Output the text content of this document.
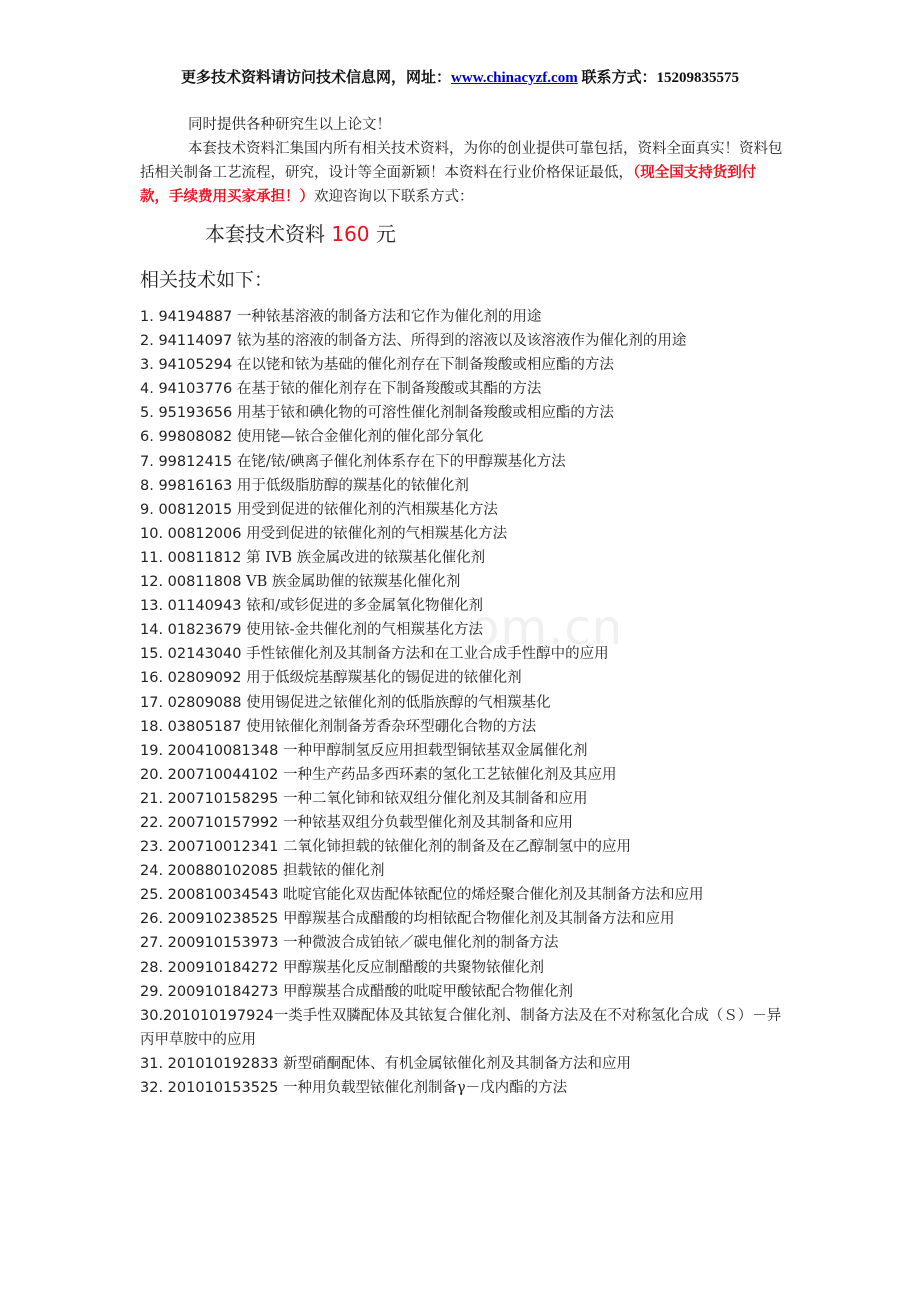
更多技术资料请访问技术信息网，网址：www.chinacyzf.com 联系方式：15209835575
om.cn

同时提供各种研究生以上论文！

本套技术资料汇集国内所有相关技术资料，为你的创业提供可靠包括，资料全面真实！资料包括相关制备工艺流程，研究，设计等全面新颖！本资料在行业价格保证最低，（现全国支持货到付款，手续费用买家承担！）欢迎咨询以下联系方式：

本套技术资料 160 元
相关技术如下：
1. 94194887 一种铱基溶液的制备方法和它作为催化剂的用途
2. 94114097 铱为基的溶液的制备方法、所得到的溶液以及该溶液作为催化剂的用途
3. 94105294 在以铑和铱为基础的催化剂存在下制备羧酸或相应酯的方法
4. 94103776 在基于铱的催化剂存在下制备羧酸或其酯的方法
5. 95193656 用基于铱和碘化物的可溶性催化剂制备羧酸或相应酯的方法
6. 99808082 使用铑—铱合金催化剂的催化部分氧化
7. 99812415 在铑/铱/碘离子催化剂体系存在下的甲醇羰基化方法
8. 99816163 用于低级脂肪醇的羰基化的铱催化剂
9. 00812015 用受到促进的铱催化剂的汽相羰基化方法
10. 00812006 用受到促进的铱催化剂的气相羰基化方法
11. 00811812 第 IVB 族金属改进的铱羰基化催化剂
12. 00811808 VB 族金属助催的铱羰基化催化剂
13. 01140943 铱和/或钐促进的多金属氧化物催化剂
14. 01823679 使用铱-金共催化剂的气相羰基化方法
15. 02143040 手性铱催化剂及其制备方法和在工业合成手性醇中的应用
16. 02809092 用于低级烷基醇羰基化的锡促进的铱催化剂
17. 02809088 使用锡促进之铱催化剂的低脂族醇的气相羰基化
18. 03805187 使用铱催化剂制备芳香杂环型硼化合物的方法
19. 200410081348 一种甲醇制氢反应用担载型铜铱基双金属催化剂
20. 200710044102 一种生产药品多西环素的氢化工艺铱催化剂及其应用
21. 200710158295 一种二氧化铈和铱双组分催化剂及其制备和应用
22. 200710157992 一种铱基双组分负载型催化剂及其制备和应用
23. 200710012341 二氧化铈担载的铱催化剂的制备及在乙醇制氢中的应用
24. 200880102085 担载铱的催化剂
25. 200810034543 吡啶官能化双齿配体铱配位的烯烃聚合催化剂及其制备方法和应用
26. 200910238525 甲醇羰基合成醋酸的均相铱配合物催化剂及其制备方法和应用
27. 200910153973 一种微波合成铂铱／碳电催化剂的制备方法
28. 200910184272 甲醇羰基化反应制醋酸的共聚物铱催化剂
29. 200910184273 甲醇羰基合成醋酸的吡啶甲酸铱配合物催化剂
30.201010197924一类手性双膦配体及其铱复合催化剂、制备方法及在不对称氢化合成（Ｓ）－异丙甲草胺中的应用
31. 201010192833 新型硝酮配体、有机金属铱催化剂及其制备方法和应用
32. 201010153525 一种用负载型铱催化剂制备γ－戊内酯的方法
